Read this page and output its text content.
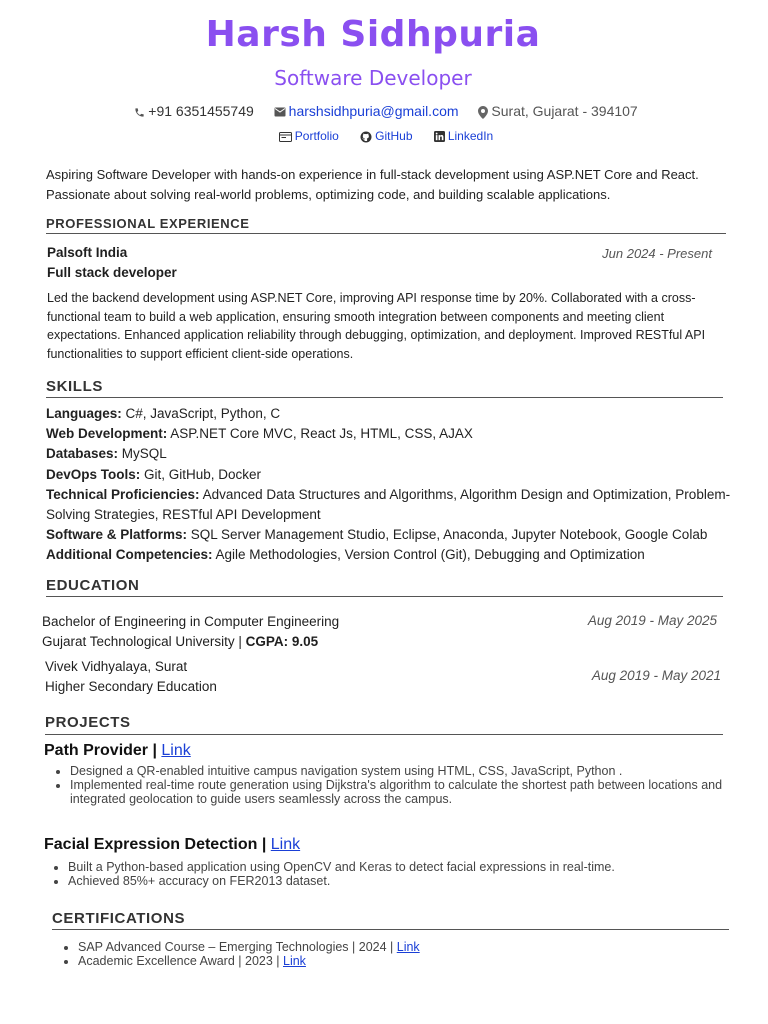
Harsh Sidhpuria
Software Developer
+91 6351455749 harshsidhpuria@gmail.com Surat, Gujarat - 394107
Portfolio	GitHub	LinkedIn
Aspiring Software Developer with hands-on experience in full-stack development using ASP.NET Core and React. Passionate about solving real-world problems, optimizing code, and building scalable applications.
PROFESSIONAL EXPERIENCE
Palsoft India
Full stack developer
Jun 2024 - Present
Led the backend development using ASP.NET Core, improving API response time by 20%. Collaborated with a cross-functional team to build a web application, ensuring smooth integration between components and meeting client expectations. Enhanced application reliability through debugging, optimization, and deployment. Improved RESTful API functionalities to support efficient client-side operations.
SKILLS
Languages: C#, JavaScript, Python, C
Web Development: ASP.NET Core MVC, React Js, HTML, CSS, AJAX
Databases: MySQL
DevOps Tools: Git, GitHub, Docker
Technical Proficiencies: Advanced Data Structures and Algorithms, Algorithm Design and Optimization, Problem-Solving Strategies, RESTful API Development
Software & Platforms: SQL Server Management Studio, Eclipse, Anaconda, Jupyter Notebook, Google Colab
Additional Competencies: Agile Methodologies, Version Control (Git), Debugging and Optimization
EDUCATION
Bachelor of Engineering in Computer Engineering
Gujarat Technological University | CGPA: 9.05
Aug 2019 - May 2025
Vivek Vidhyalaya, Surat
Higher Secondary Education
Aug 2019 - May 2021
PROJECTS
Path Provider | Link
• Designed a QR-enabled intuitive campus navigation system using HTML, CSS, JavaScript, Python .
• Implemented real-time route generation using Dijkstra's algorithm to calculate the shortest path between locations and integrated geolocation to guide users seamlessly across the campus.
Facial Expression Detection | Link
• Built a Python-based application using OpenCV and Keras to detect facial expressions in real-time.
• Achieved 85%+ accuracy on FER2013 dataset.
CERTIFICATIONS
• SAP Advanced Course – Emerging Technologies | 2024 | Link
• Academic Excellence Award | 2023 | Link
